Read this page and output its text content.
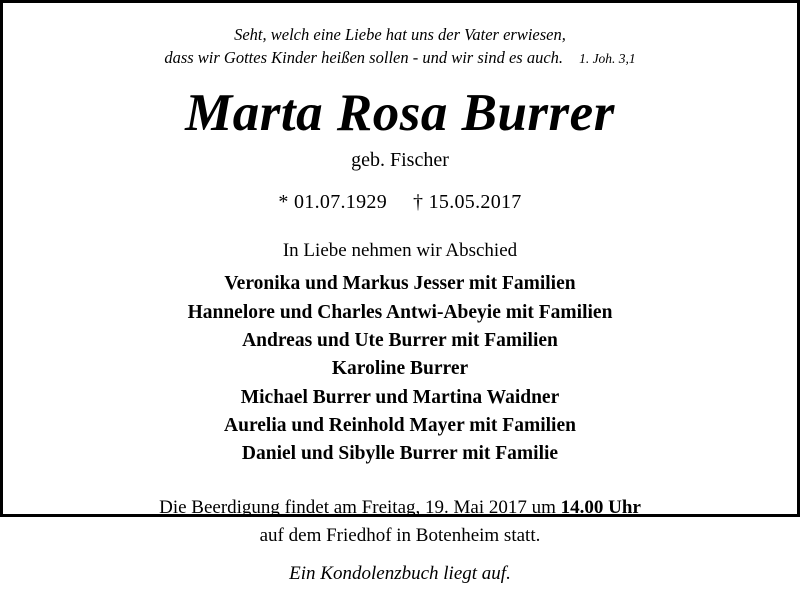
Seht, welch eine Liebe hat uns der Vater erwiesen,
dass wir Gottes Kinder heißen sollen - und wir sind es auch. 1. Joh. 3,1
Marta Rosa Burrer
geb. Fischer
* 01.07.1929 † 15.05.2017
In Liebe nehmen wir Abschied
Veronika und Markus Jesser mit Familien
Hannelore und Charles Antwi-Abeyie mit Familien
Andreas und Ute Burrer mit Familien
Karoline Burrer
Michael Burrer und Martina Waidner
Aurelia und Reinhold Mayer mit Familien
Daniel und Sibylle Burrer mit Familie
Die Beerdigung findet am Freitag, 19. Mai 2017 um 14.00 Uhr
auf dem Friedhof in Botenheim statt.
Ein Kondolenzbuch liegt auf.
